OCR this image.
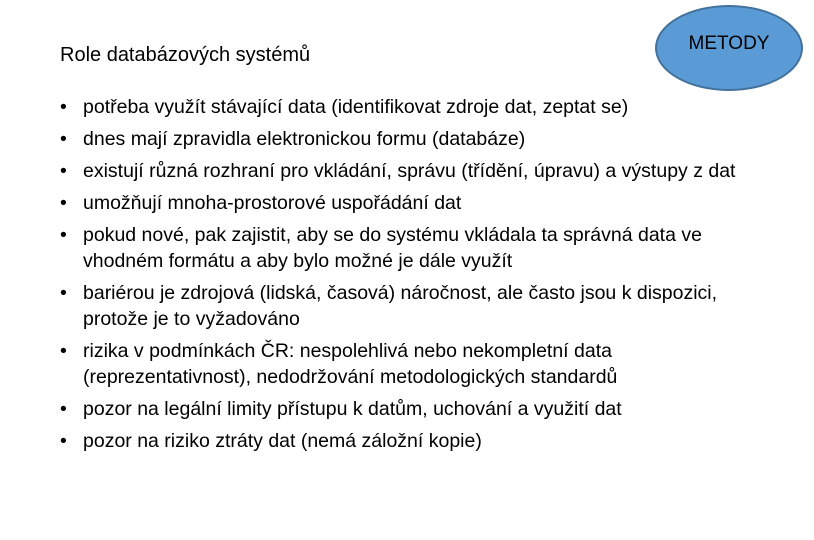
Role databázových systémů
METODY
• potřeba využít stávající data (identifikovat zdroje dat, zeptat se)
• dnes mají zpravidla elektronickou formu (databáze)
• existují různá rozhraní pro vkládání, správu (třídění, úpravu) a výstupy z dat
• umožňují mnoha-prostorové uspořádání dat
• pokud nové, pak zajistit, aby se do systému vkládala ta správná data ve vhodném formátu a aby bylo možné je dále využít
• bariérou je zdrojová (lidská, časová) náročnost, ale často jsou k dispozici, protože je to vyžadováno
• rizika v podmínkách ČR: nespolehlivá nebo nekompletní data (reprezentativnost), nedodržování metodologických standardů
• pozor na legální limity přístupu k datům, uchování a využití dat
• pozor na riziko ztráty dat (nemá záložní kopie)
